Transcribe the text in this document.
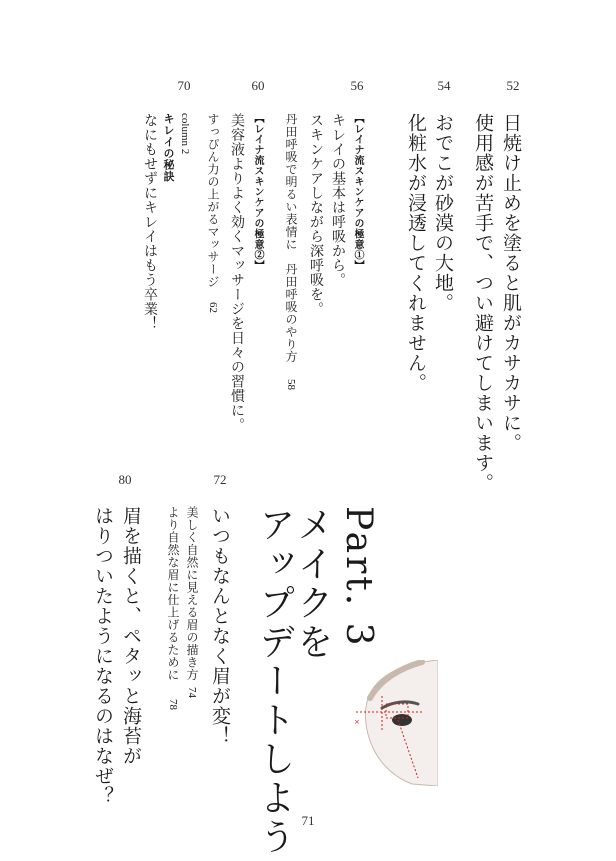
52
54
56
60
70
日焼け止めを塗ると肌がカサカサに。
使用感が苦手で、つい避けてしまいます。
おでこが砂漠の大地。
化粧水が浸透してくれません。
【レイナ流スキンケアの極意①】
キレイの基本は呼吸から。
スキンケアしながら深呼吸を。
丹田呼吸で明るい表情に　丹田呼吸のやり方58
【レイナ流スキンケアの極意②】
美容液よりよく効くマッサージを日々の習慣に。
すっぴん力の上がるマッサージ62
column 2
キレイの秘訣
なにもせずにキレイはもう卒業！
72
80
Part. 3
メイクを
アップデートしよう
いつもなんとなく眉が変！
美しく自然に見える眉の描き方74
より自然な眉に仕上げるために78
眉を描くと、ペタッと海苔が
はりついたようになるのはなぜ？	×
71
